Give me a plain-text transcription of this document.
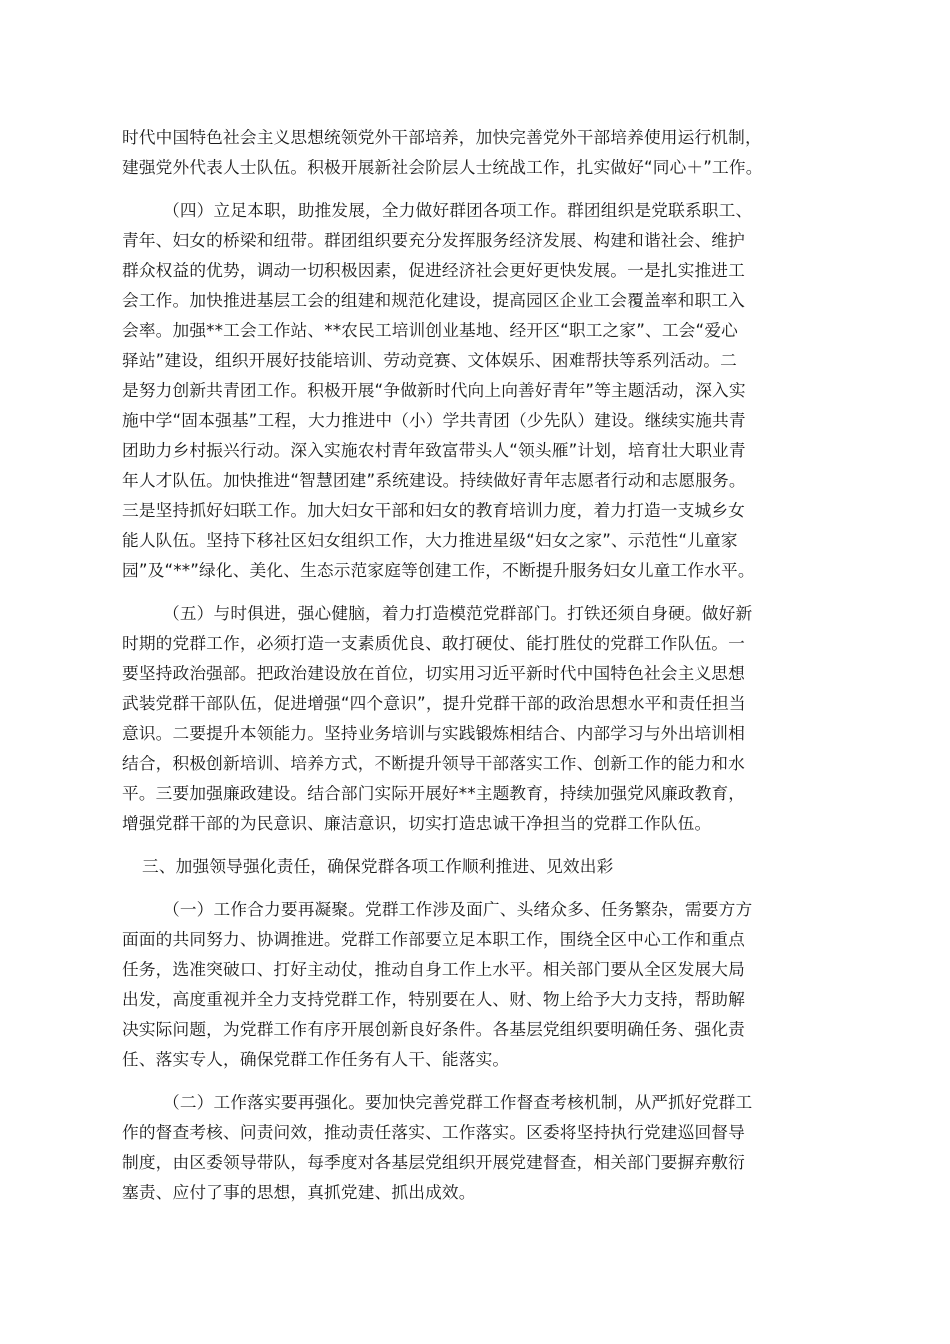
时代中国特色社会主义思想统领党外干部培养，加快完善党外干部培养使用运行机制，
建强党外代表人士队伍。积极开展新社会阶层人士统战工作，扎实做好“同心＋”工作。
（四）立足本职，助推发展，全力做好群团各项工作。群团组织是党联系职工、
青年、妇女的桥梁和纽带。群团组织要充分发挥服务经济发展、构建和谐社会、维护
群众权益的优势，调动一切积极因素，促进经济社会更好更快发展。一是扎实推进工
会工作。加快推进基层工会的组建和规范化建设，提高园区企业工会覆盖率和职工入
会率。加强**工会工作站、**农民工培训创业基地、经开区“职工之家”、工会“爱心
驿站”建设，组织开展好技能培训、劳动竞赛、文体娱乐、困难帮扶等系列活动。二
是努力创新共青团工作。积极开展“争做新时代向上向善好青年”等主题活动，深入实
施中学“固本强基”工程，大力推进中（小）学共青团（少先队）建设。继续实施共青
团助力乡村振兴行动。深入实施农村青年致富带头人“领头雁”计划，培育壮大职业青
年人才队伍。加快推进“智慧团建”系统建设。持续做好青年志愿者行动和志愿服务。
三是坚持抓好妇联工作。加大妇女干部和妇女的教育培训力度，着力打造一支城乡女
能人队伍。坚持下移社区妇女组织工作，大力推进星级“妇女之家”、示范性“儿童家
园”及“**”绿化、美化、生态示范家庭等创建工作，不断提升服务妇女儿童工作水平。
（五）与时俱进，强心健脑，着力打造模范党群部门。打铁还须自身硬。做好新
时期的党群工作，必须打造一支素质优良、敢打硬仗、能打胜仗的党群工作队伍。一
要坚持政治强部。把政治建设放在首位，切实用习近平新时代中国特色社会主义思想
武装党群干部队伍，促进增强“四个意识”，提升党群干部的政治思想水平和责任担当
意识。二要提升本领能力。坚持业务培训与实践锻炼相结合、内部学习与外出培训相
结合，积极创新培训、培养方式，不断提升领导干部落实工作、创新工作的能力和水
平。三要加强廉政建设。结合部门实际开展好**主题教育，持续加强党风廉政教育，
增强党群干部的为民意识、廉洁意识，切实打造忠诚干净担当的党群工作队伍。
三、加强领导强化责任，确保党群各项工作顺利推进、见效出彩
（一）工作合力要再凝聚。党群工作涉及面广、头绪众多、任务繁杂，需要方方
面面的共同努力、协调推进。党群工作部要立足本职工作，围绕全区中心工作和重点
任务，选准突破口、打好主动仗，推动自身工作上水平。相关部门要从全区发展大局
出发，高度重视并全力支持党群工作，特别要在人、财、物上给予大力支持，帮助解
决实际问题，为党群工作有序开展创新良好条件。各基层党组织要明确任务、强化责
任、落实专人，确保党群工作任务有人干、能落实。
（二）工作落实要再强化。要加快完善党群工作督查考核机制，从严抓好党群工
作的督查考核、问责问效，推动责任落实、工作落实。区委将坚持执行党建巡回督导
制度，由区委领导带队，每季度对各基层党组织开展党建督查，相关部门要摒弃敷衍
塞责、应付了事的思想，真抓党建、抓出成效。
